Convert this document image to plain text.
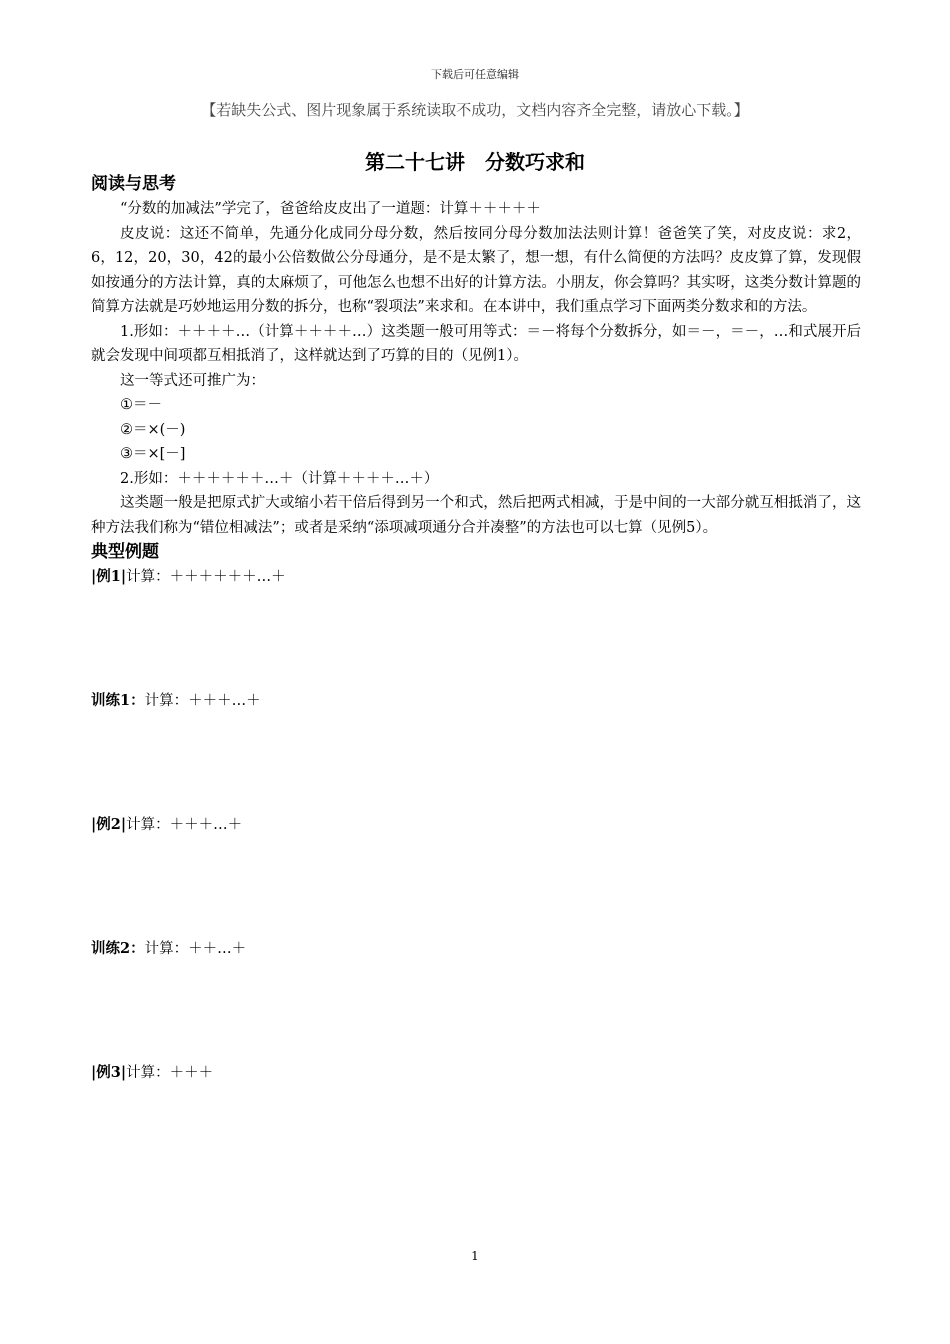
下载后可任意编辑
【若缺失公式、图片现象属于系统读取不成功，文档内容齐全完整，请放心下载。】
第二十七讲　分数巧求和
阅读与思考
“分数的加减法”学完了，爸爸给皮皮出了一道题：计算＋＋＋＋＋
皮皮说：这还不简单，先通分化成同分母分数，然后按同分母分数加法法则计算！爸爸笑了笑，对皮皮说：求2，6，12，20，30，42的最小公倍数做公分母通分，是不是太繁了，想一想，有什么简便的方法吗？皮皮算了算，发现假如按通分的方法计算，真的太麻烦了，可他怎么也想不出好的计算方法。小朋友，你会算吗？其实呀，这类分数计算题的简算方法就是巧妙地运用分数的拆分，也称“裂项法”来求和。在本讲中，我们重点学习下面两类分数求和的方法。
1.形如：＋＋＋＋…（计算＋＋＋＋…）这类题一般可用等式：＝－将每个分数拆分，如＝－，＝－，…和式展开后就会发现中间项都互相抵消了，这样就达到了巧算的目的（见例1）。
这一等式还可推广为：
①＝－
②＝×(－)
③＝×[－]
2.形如：＋＋＋＋＋＋…＋（计算＋＋＋＋…＋）
这类题一般是把原式扩大或缩小若干倍后得到另一个和式，然后把两式相减，于是中间的一大部分就互相抵消了，这种方法我们称为“错位相减法”；或者是采纳“添项减项通分合并凑整”的方法也可以七算（见例5）。
典型例题
|例1|计算：＋＋＋＋＋＋…＋
训练1：计算：＋＋＋…＋
|例2|计算：＋＋＋…＋
训练2：计算：＋＋…＋
|例3|计算：＋＋＋
1
